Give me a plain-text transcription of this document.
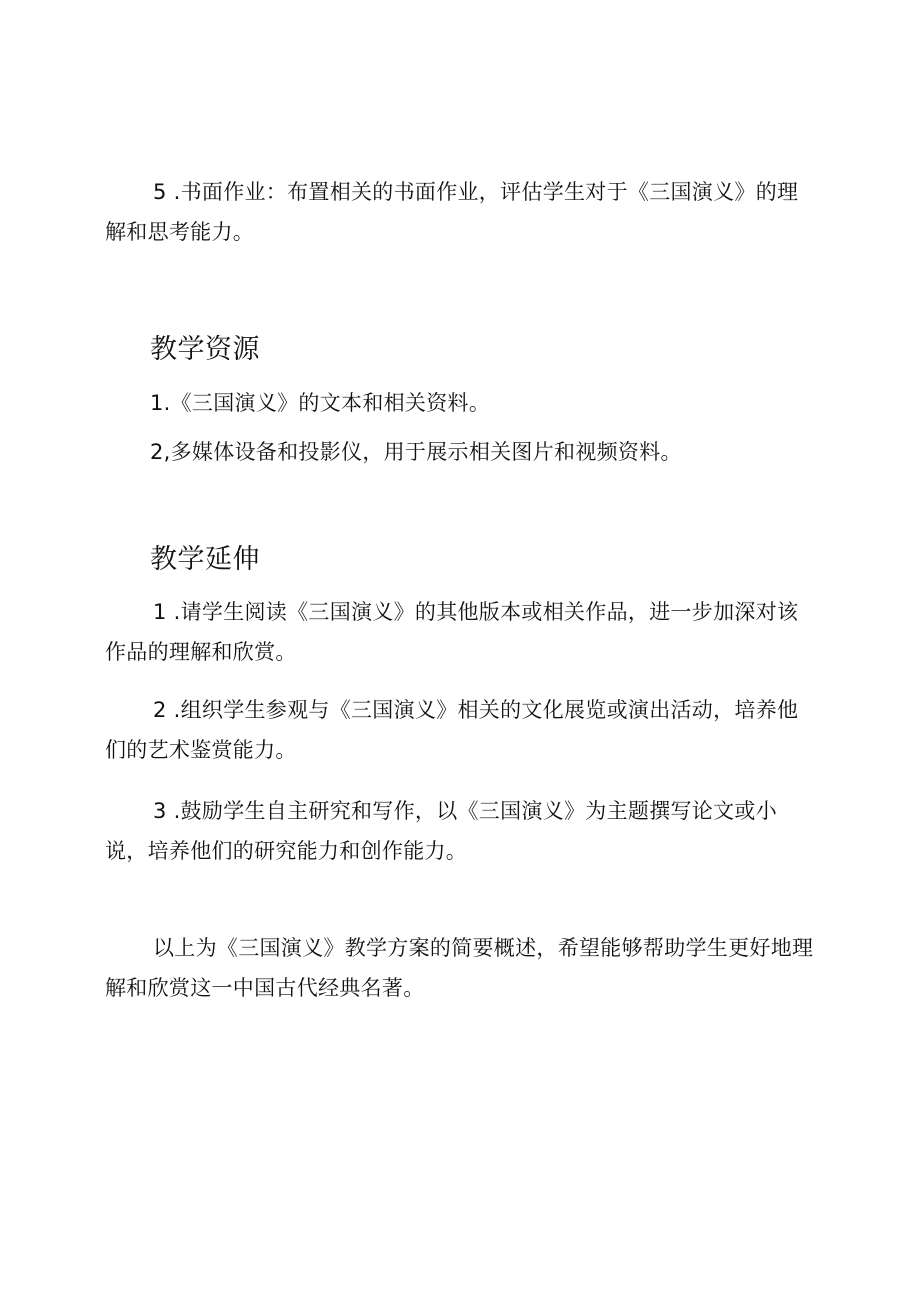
5 .书面作业：布置相关的书面作业，评估学生对于《三国演义》的理
解和思考能力。

教学资源

1.《三国演义》的文本和相关资料。

2,多媒体设备和投影仪，用于展示相关图片和视频资料。

教学延伸

1 .请学生阅读《三国演义》的其他版本或相关作品，进一步加深对该
作品的理解和欣赏。

2 .组织学生参观与《三国演义》相关的文化展览或演出活动，培养他
们的艺术鉴赏能力。

3 .鼓励学生自主研究和写作，以《三国演义》为主题撰写论文或小
说，培养他们的研究能力和创作能力。

以上为《三国演义》教学方案的简要概述，希望能够帮助学生更好地理
解和欣赏这一中国古代经典名著。
